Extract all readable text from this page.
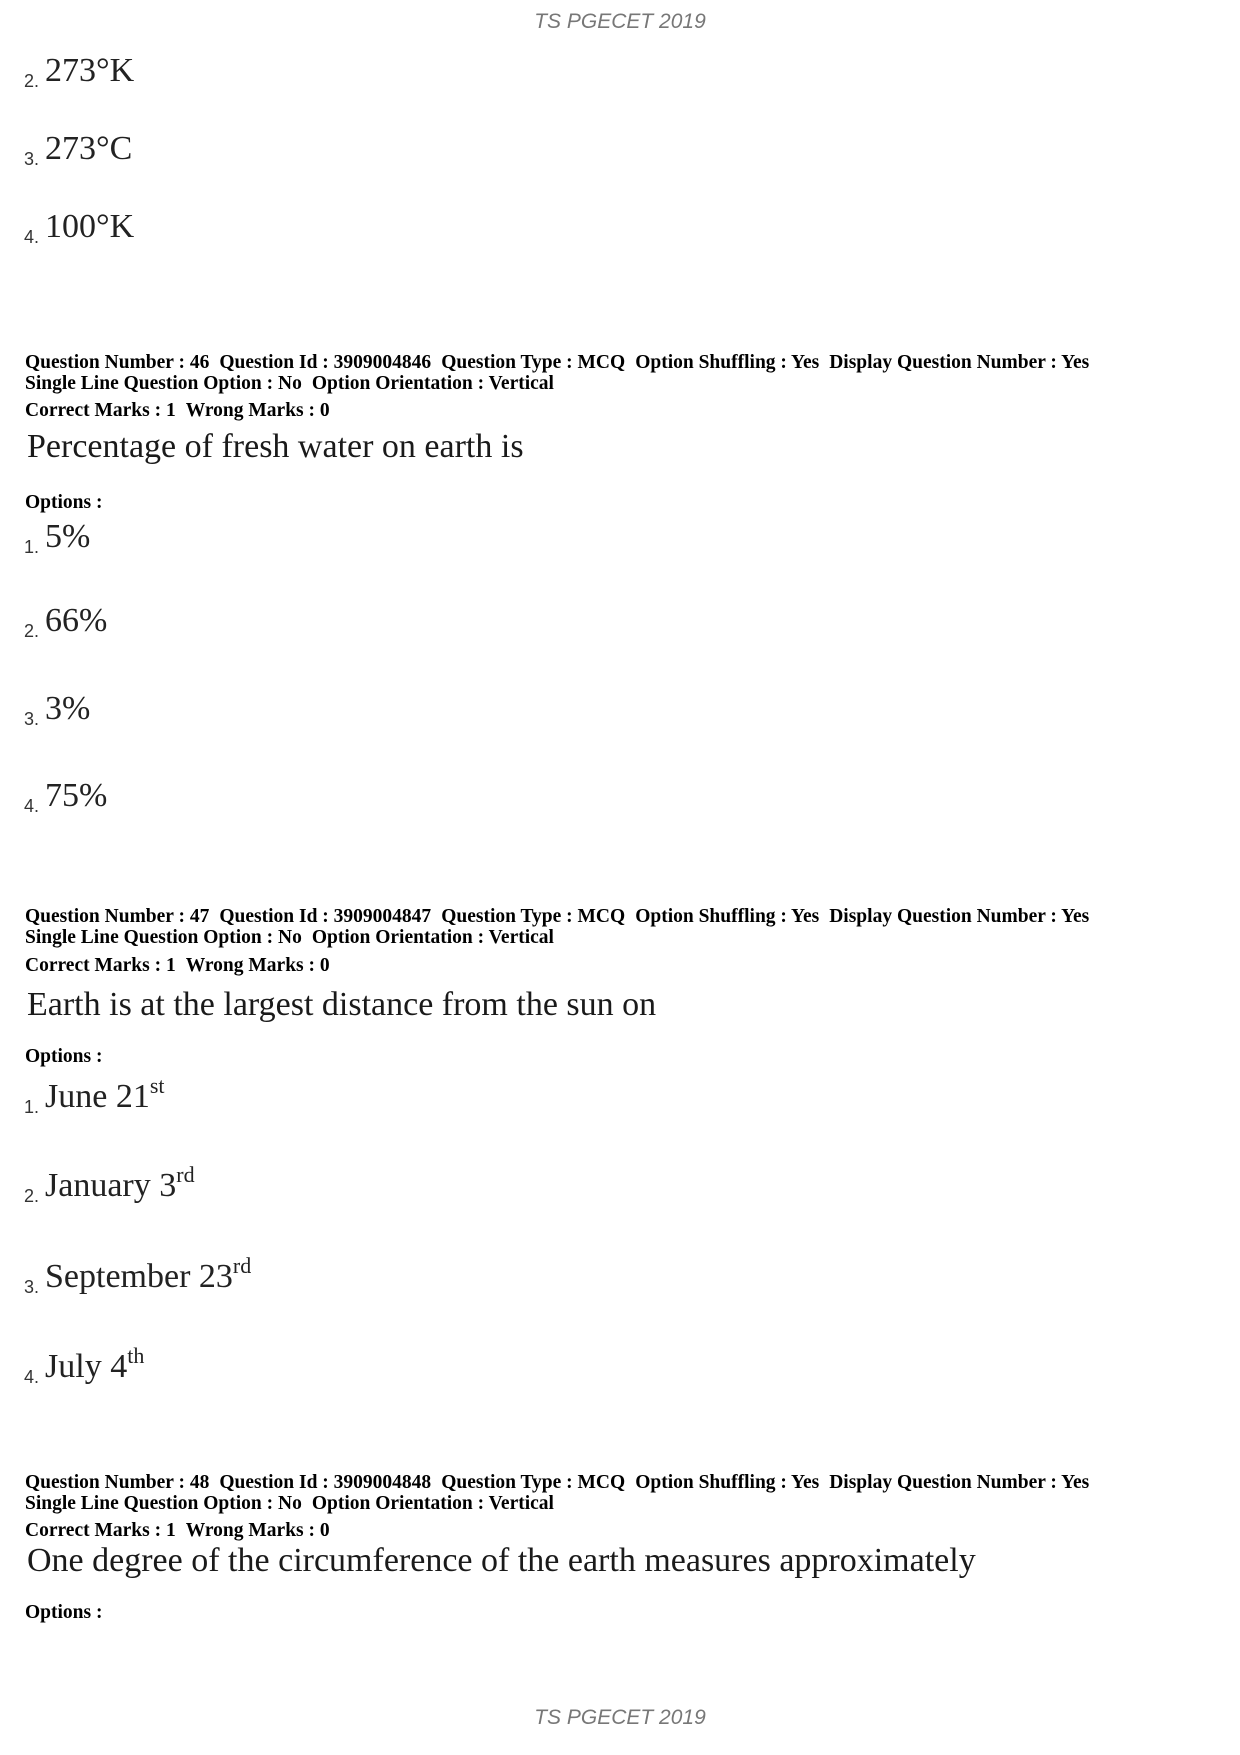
TS PGECET 2019
2. 273°K
3. 273°C
4. 100°K
Question Number : 46 Question Id : 3909004846 Question Type : MCQ Option Shuffling : Yes Display Question Number : Yes
Single Line Question Option : No Option Orientation : Vertical
Correct Marks : 1 Wrong Marks : 0
Percentage of fresh water on earth is
Options :
1. 5%
2. 66%
3. 3%
4. 75%
Question Number : 47 Question Id : 3909004847 Question Type : MCQ Option Shuffling : Yes Display Question Number : Yes
Single Line Question Option : No Option Orientation : Vertical
Correct Marks : 1 Wrong Marks : 0
Earth is at the largest distance from the sun on
Options :
1. June 21st
2. January 3rd
3. September 23rd
4. July 4th
Question Number : 48 Question Id : 3909004848 Question Type : MCQ Option Shuffling : Yes Display Question Number : Yes
Single Line Question Option : No Option Orientation : Vertical
Correct Marks : 1 Wrong Marks : 0
One degree of the circumference of the earth measures approximately
Options :
TS PGECET 2019
